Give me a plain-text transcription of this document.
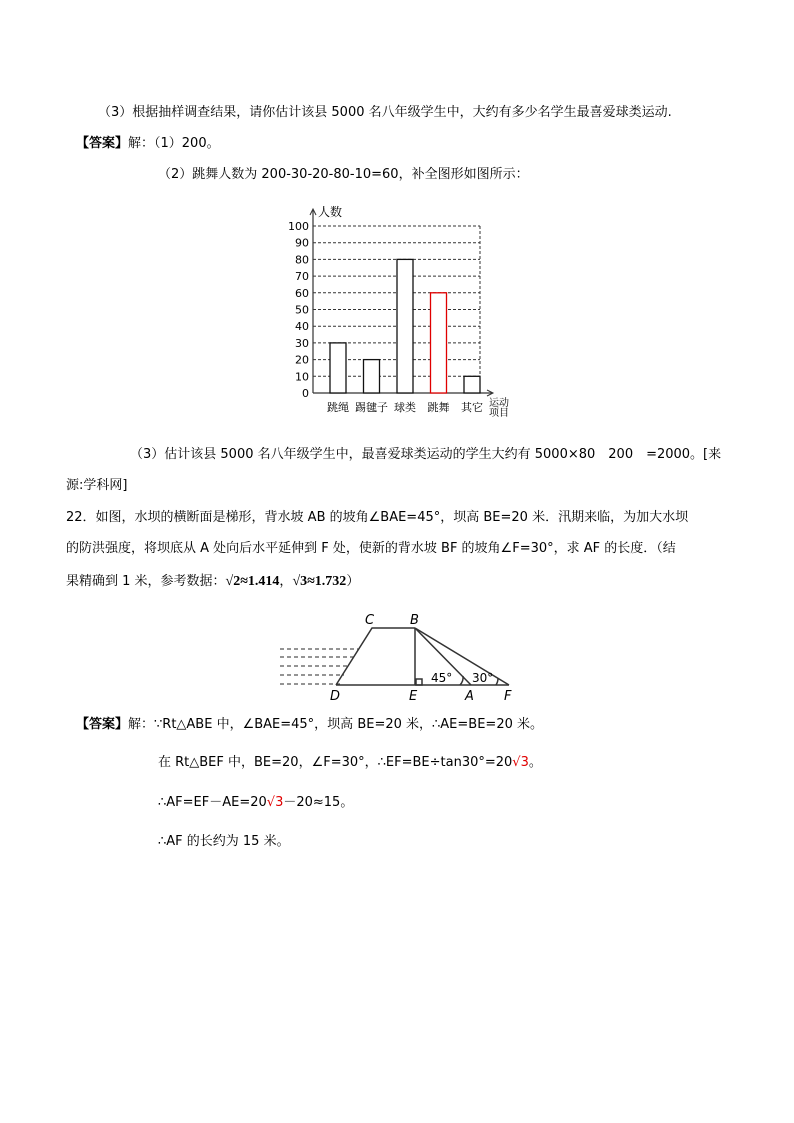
（3）根据抽样调查结果，请你估计该县 5000 名八年级学生中，大约有多少名学生最喜爱球类运动.
【答案】解：（1）200。
（2）跳舞人数为 200-30-20-80-10=60，补全图形如图所示：
0
10
20
30
40
50
60
70
80
90
100
人数
跳绳 踢毽子 球类 跳舞 其它 运动项目
（3）估计该县 5000 名八年级学生中，最喜爱球类运动的学生大约有 5000×80　200　=2000。[来
源:学科网]
22．如图，水坝的横断面是梯形，背水坡 AB 的坡角∠BAE=45°，坝高 BE=20 米．汛期来临，为加大水坝
的防洪强度，将坝底从 A 处向后水平延伸到 F 处，使新的背水坡 BF 的坡角∠F=30°，求 AF 的长度．（结
果精确到 1 米，参考数据：√2≈1.414，√3≈1.732）
C	B
D	E	A F
45° 30°
【答案】解：∵Rt△ABE 中，∠BAE=45°，坝高 BE=20 米，∴AE=BE=20 米。
在 Rt△BEF 中，BE=20，∠F=30°，∴EF=BE÷tan30°=20√3。
∴AF=EF－AE=20√3－20≈15。
∴AF 的长约为 15 米。
